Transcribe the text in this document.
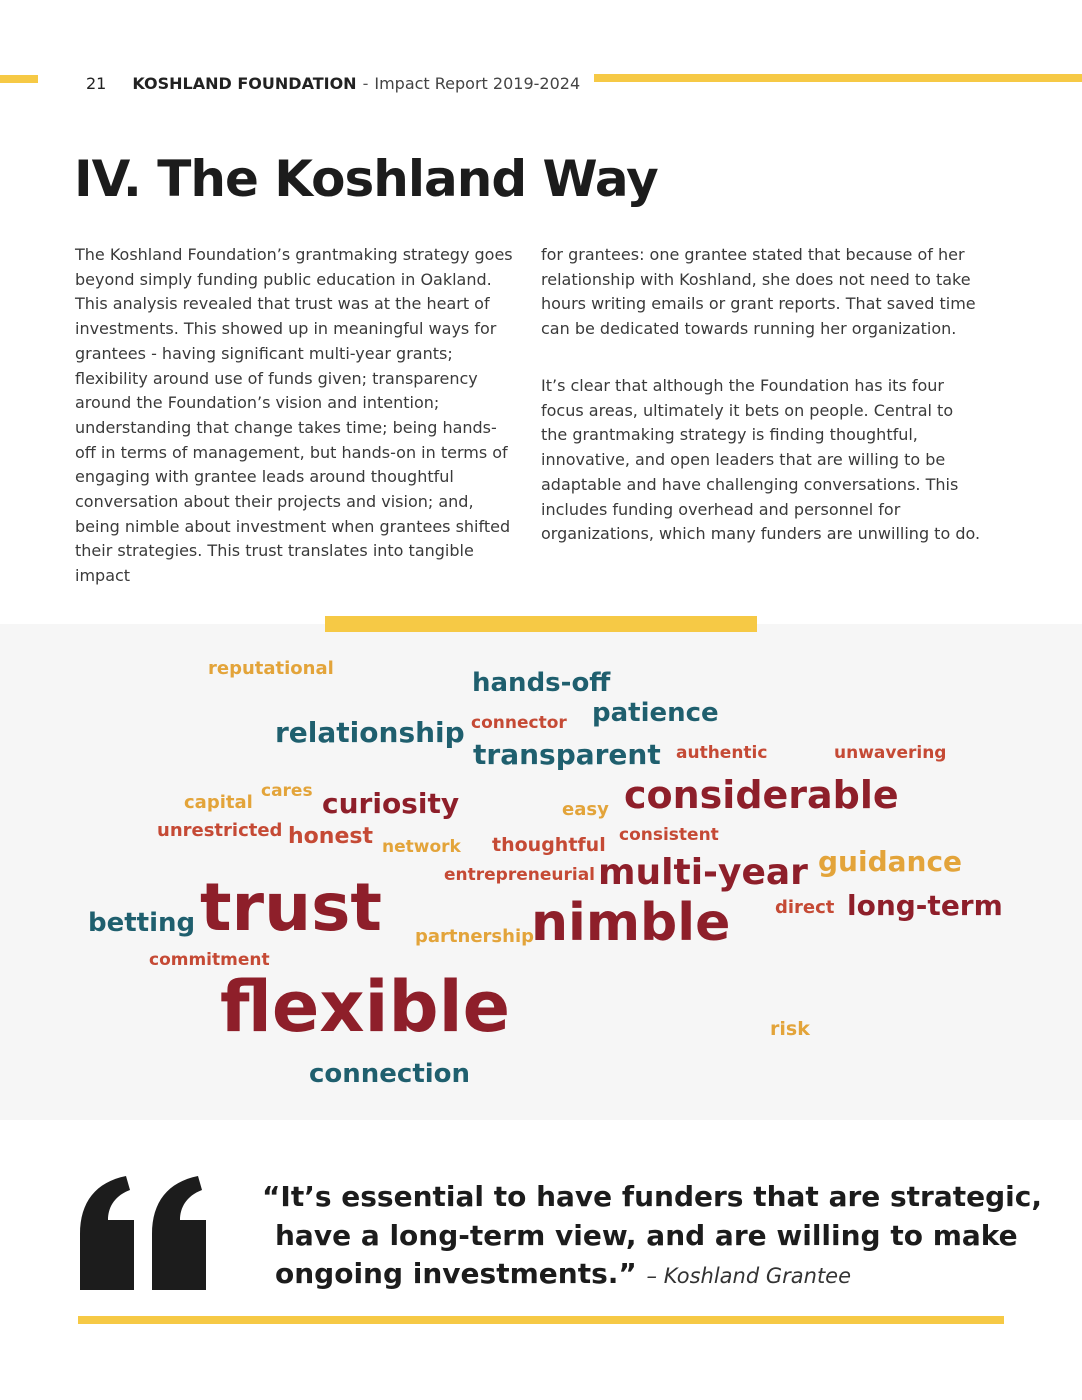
21 KOSHLAND FOUNDATION - Impact Report 2019-2024
IV. The Koshland Way

The Koshland Foundation’s grantmaking strategy goes beyond simply funding public education in Oakland. This analysis revealed that trust was at the heart of investments. This showed up in meaningful ways for grantees - having significant multi-year grants; flexibility around use of funds given; transparency around the Foundation’s vision and intention; understanding that change takes time; being hands-off in terms of management, but hands-on in terms of engaging with grantee leads around thoughtful conversation about their projects and vision; and, being nimble about investment when grantees shifted their strategies. This trust translates into tangible impact

for grantees: one grantee stated that because of her relationship with Koshland, she does not need to take hours writing emails or grant reports. That saved time can be dedicated towards running her organization.

It’s clear that although the Foundation has its four focus areas, ultimately it bets on people. Central to the grantmaking strategy is finding thoughtful, innovative, and open leaders that are willing to be adaptable and have challenging conversations. This includes funding overhead and personnel for organizations, which many funders are unwilling to do.

reputational	hands-off
connector patience
relationship
transparent authentic	unwavering
capital
cares curiosity	easy considerable
unrestricted honest network thoughtful consistent
guidance
entrepreneurial multi-year
betting trust	direct long-term
partnership
nimble
commitment
flexible	risk
connection

“It’s essential to have funders that are strategic,
have a long-term view, and are willing to make
ongoing investments.” – Koshland Grantee
